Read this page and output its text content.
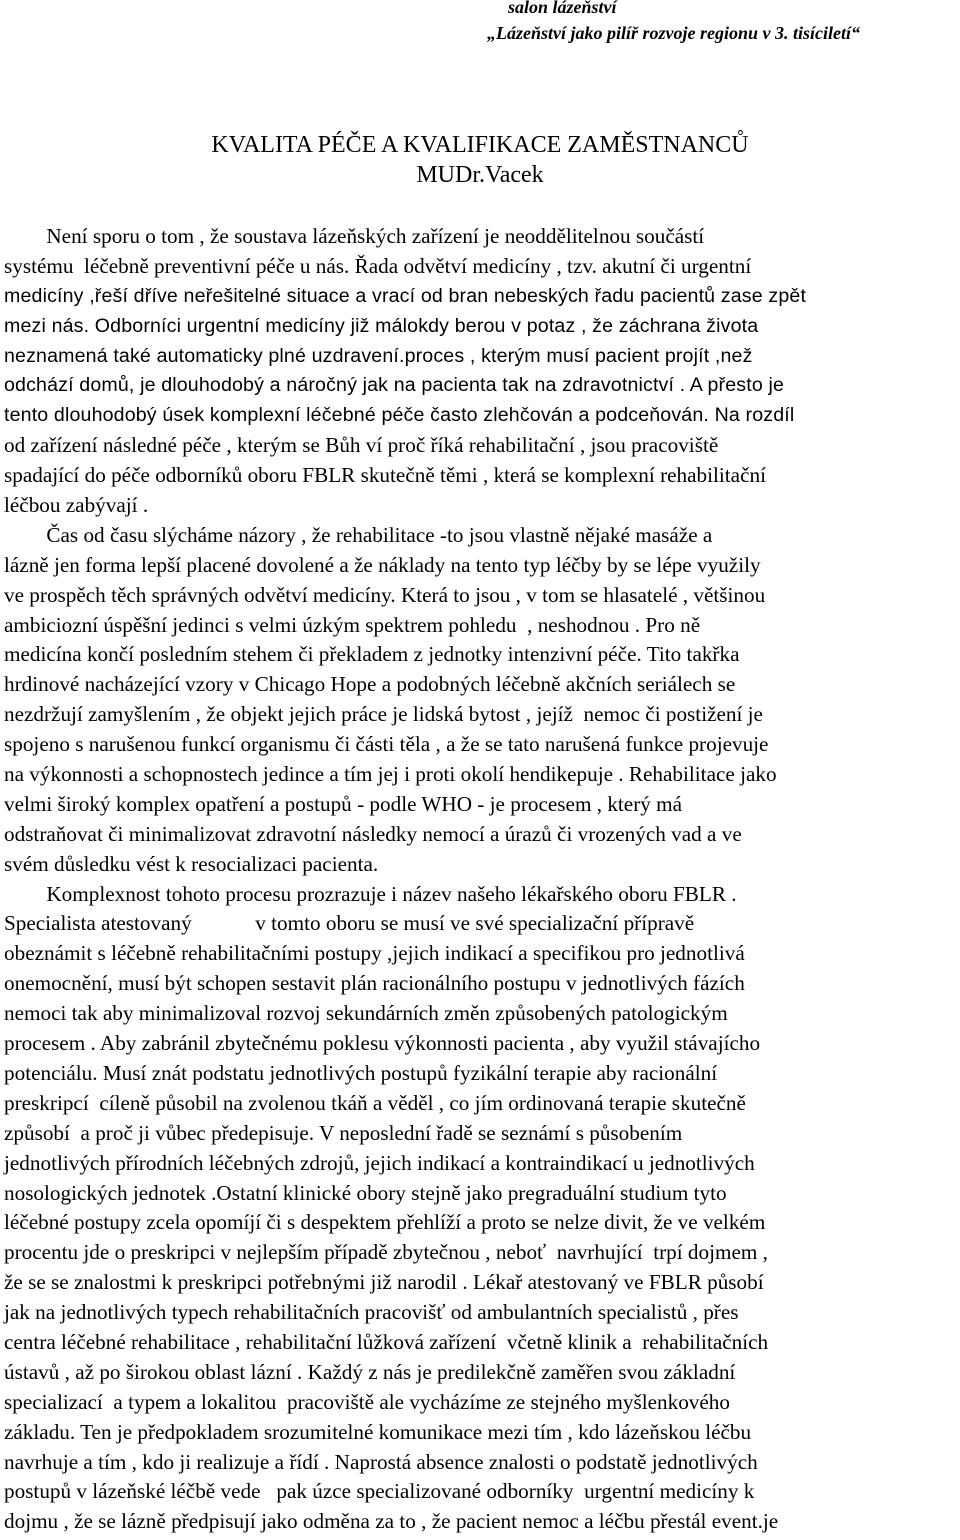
salon lázeňství
„Lázeňství jako pilíř rozvoje regionu v 3. tisíciletí“
KVALITA PÉČE A KVALIFIKACE ZAMĚSTNANCŮ
MUDr.Vacek
Není sporu o tom , že soustava lázeňských zařízení je neoddělitelnou součástí
systému  léčebně preventivní péče u nás. Řada odvětví medicíny , tzv. akutní či urgentní
medicíny ,řeší dříve neřešitelné situace a vrací od bran nebeských řadu pacientů zase zpět
mezi nás. Odborníci urgentní medicíny již málokdy berou v potaz , že záchrana života
neznamená také automaticky plné uzdravení.proces , kterým musí pacient projít ,než
odchází domů, je dlouhodobý a náročný jak na pacienta tak na zdravotnictví . A přesto je
tento dlouhodobý úsek komplexní léčebné péče často zlehčován a podceňován. Na rozdíl
od zařízení následné péče , kterým se Bůh ví proč říká rehabilitační , jsou pracoviště
spadající do péče odborníků oboru FBLR skutečně těmi , která se komplexní rehabilitační
léčbou zabývají .
Čas od času slýcháme názory , že rehabilitace -to jsou vlastně nějaké masáže a
lázně jen forma lepší placené dovolené a že náklady na tento typ léčby by se lépe využily
ve prospěch těch správných odvětví medicíny. Která to jsou , v tom se hlasatelé , většinou
ambiciozní úspěšní jedinci s velmi úzkým spektrem pohledu  , neshodnou . Pro ně
medicína končí posledním stehem či překladem z jednotky intenzivní péče. Tito takřka
hrdinové nacházející vzory v Chicago Hope a podobných léčebně akčních seriálech se
nezdržují zamyšlením , že objekt jejich práce je lidská bytost , jejíž  nemoc či postižení je
spojeno s narušenou funkcí organismu či části těla , a že se tato narušená funkce projevuje
na výkonnosti a schopnostech jedince a tím jej i proti okolí hendikepuje . Rehabilitace jako
velmi široký komplex opatření a postupů - podle WHO - je procesem , který má
odstraňovat či minimalizovat zdravotní následky nemocí a úrazů či vrozených vad a ve
svém důsledku vést k resocializaci pacienta.
Komplexnost tohoto procesu prozrazuje i název našeho lékařského oboru FBLR .
Specialista atestovaný            v tomto oboru se musí ve své specializační přípravě
obeznámit s léčebně rehabilitačními postupy ,jejich indikací a specifikou pro jednotlivá
onemocnění, musí být schopen sestavit plán racionálního postupu v jednotlivých fázích
nemoci tak aby minimalizoval rozvoj sekundárních změn způsobených patologickým
procesem . Aby zabránil zbytečnému poklesu výkonnosti pacienta , aby využil stávajícho
potenciálu. Musí znát podstatu jednotlivých postupů fyzikální terapie aby racionální
preskripcí  cíleně působil na zvolenou tkáň a věděl , co jím ordinovaná terapie skutečně
způsobí  a proč ji vůbec předepisuje. V neposlední řadě se seznámí s působením
jednotlivých přírodních léčebných zdrojů, jejich indikací a kontraindikací u jednotlivých
nosologických jednotek .Ostatní klinické obory stejně jako pregraduální studium tyto
léčebné postupy zcela opomíjí či s despektem přehlíží a proto se nelze divit, že ve velkém
procentu jde o preskripci v nejlepším případě zbytečnou , neboť  navrhující  trpí dojmem ,
že se se znalostmi k preskripci potřebnými již narodil . Lékař atestovaný ve FBLR působí
jak na jednotlivých typech rehabilitačních pracovišť od ambulantních specialistů , přes
centra léčebné rehabilitace , rehabilitační lůžková zařízení  včetně klinik a  rehabilitačních
ústavů , až po širokou oblast lázní . Každý z nás je predilekčně zaměřen svou základní
specializací  a typem a lokalitou  pracoviště ale vycházíme ze stejného myšlenkového
základu. Ten je předpokladem srozumitelné komunikace mezi tím , kdo lázeňskou léčbu
navrhuje a tím , kdo ji realizuje a řídí . Naprostá absence znalosti o podstatě jednotlivých
postupů v lázeňské léčbě vede   pak úzce specializované odborníky  urgentní medicíny k
dojmu , že se lázně předpisují jako odměna za to , že pacient nemoc a léčbu přestál event.je
